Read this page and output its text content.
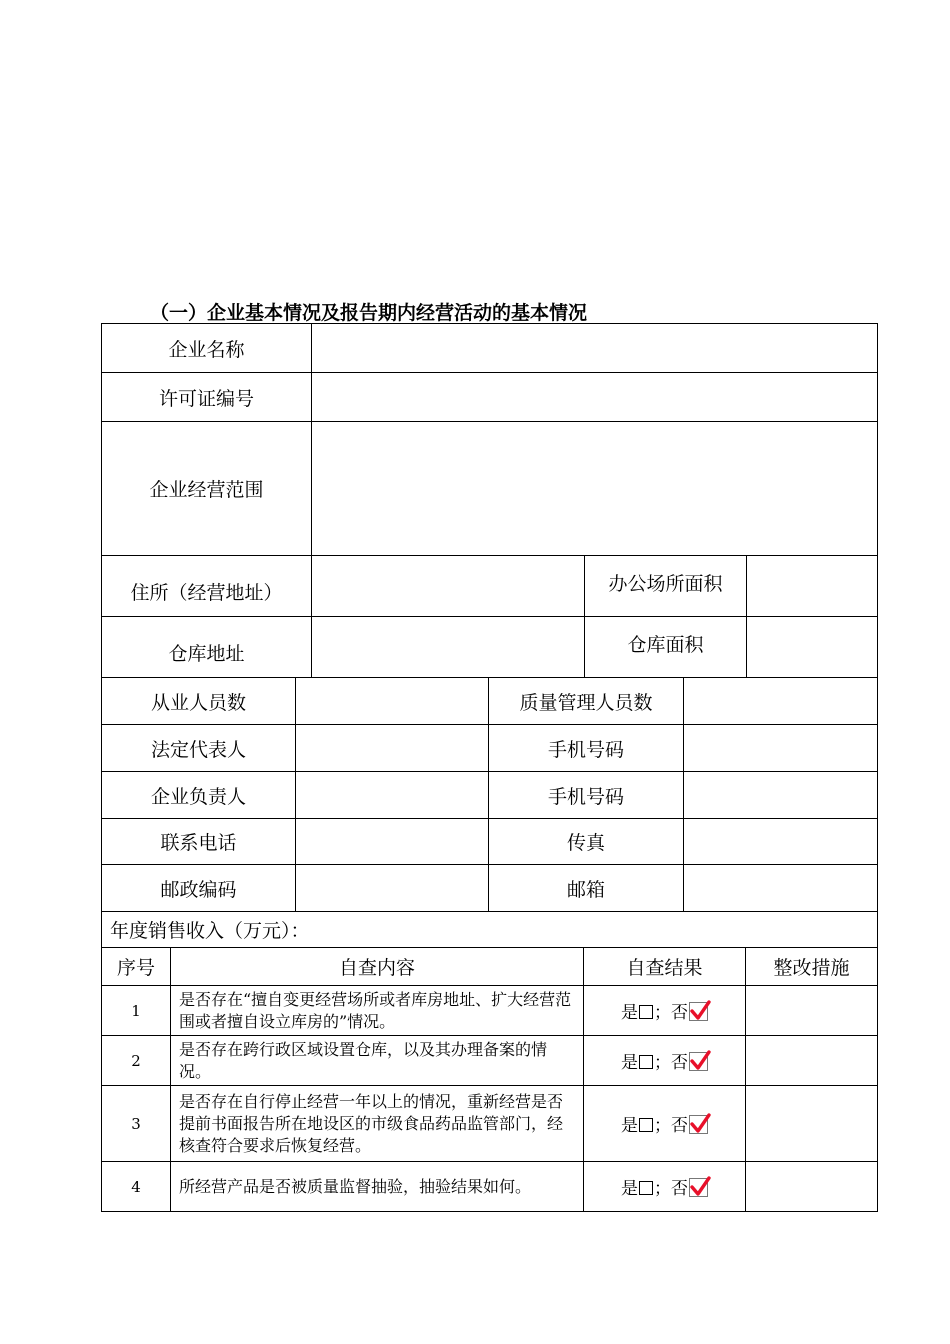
（一）企业基本情况及报告期内经营活动的基本情况
企业名称			
许可证编号			
企业经营范围			
住所（经营地址）		办公场所面积	
仓库地址		仓库面积	
从业人员数		质量管理人员数	
法定代表人		手机号码	
企业负责人		手机号码	
联系电话		传真	
邮政编码		邮箱	
年度销售收入（万元）：			
序号	自查内容	自查结果	整改措施
1	是否存在“擅自变更经营场所或者库房地址、扩大经营范围或者擅自设立库房的”情况。	是 ；否

2	是否存在跨行政区域设置仓库，以及其办理备案的情况。	是 ；否

3	是否存在自行停止经营一年以上的情况，重新经营是否提前书面报告所在地设区的市级食品药品监管部门，经核查符合要求后恢复经营。	是 ；否

4	所经营产品是否被质量监督抽验，抽验结果如何。	是 ；否
